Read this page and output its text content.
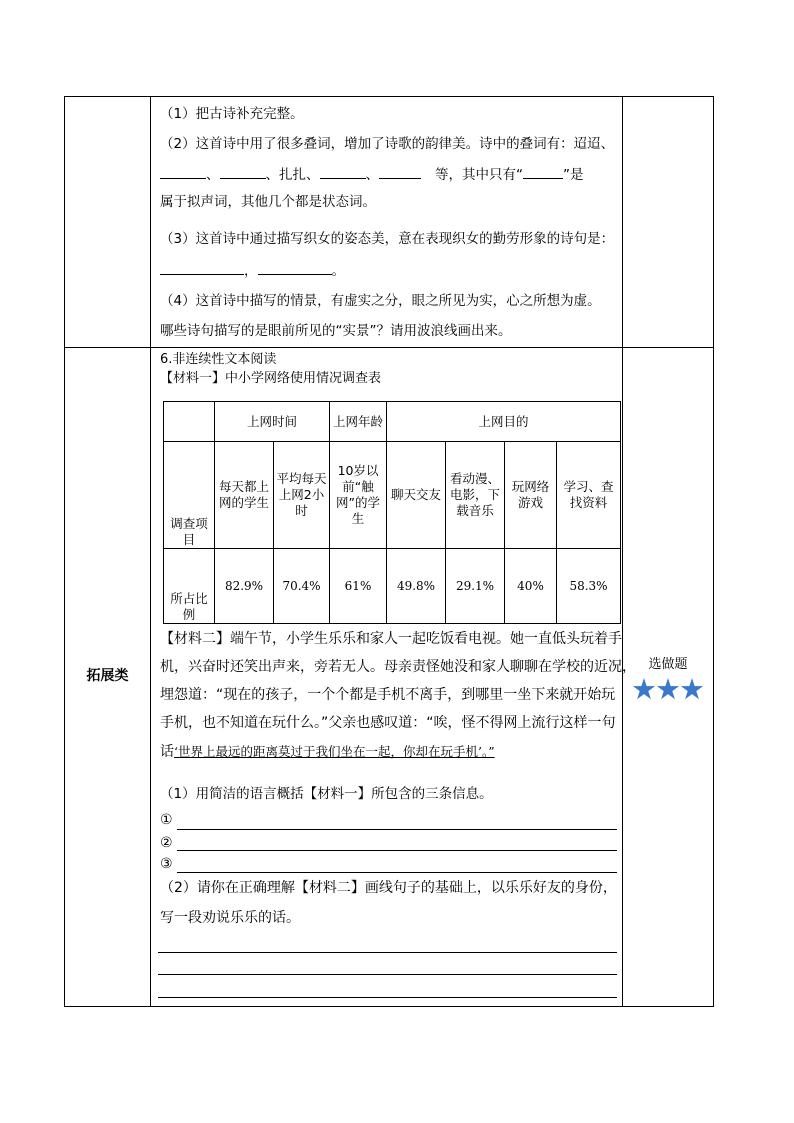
（1）把古诗补充完整。
（2）这首诗中用了很多叠词，增加了诗歌的韵律美。诗中的叠词有：迢迢、
、	、扎扎、	、	等，其中只有“	”是
属于拟声词，其他几个都是状态词。
（3）这首诗中通过描写织女的姿态美，意在表现织女的勤劳形象的诗句是：
，	。
（4）这首诗中描写的情景，有虚实之分，眼之所见为实，心之所想为虚。
哪些诗句描写的是眼前所见的“实景”？请用波浪线画出来。
拓展类
选做题
★★★
6.非连续性文本阅读
【材料一】中小学网络使用情况调查表
	上网时间		上网年龄	上网目的			
调查项目	每天都上网的学生	平均每天上网2小时	10岁以前“触网”的学生	聊天交友	看动漫、电影，下载音乐	玩网络游戏	学习、查找资料
所占比例	82.9%	70.4%	61%	49.8%	29.1%	40%	58.3%
【材料二】端午节，小学生乐乐和家人一起吃饭看电视。她一直低头玩着手
机，兴奋时还笑出声来，旁若无人。母亲责怪她没和家人聊聊在学校的近况，
埋怨道：“现在的孩子，一个个都是手机不离手，到哪里一坐下来就开始玩
手机，也不知道在玩什么。”父亲也感叹道：“唉，怪不得网上流行这样一句
话‘世界上最远的距离莫过于我们坐在一起，你却在玩手机’。”
（1）用简洁的语言概括【材料一】所包含的三条信息。
①
②
③
（2）请你在正确理解【材料二】画线句子的基础上，以乐乐好友的身份，
写一段劝说乐乐的话。
